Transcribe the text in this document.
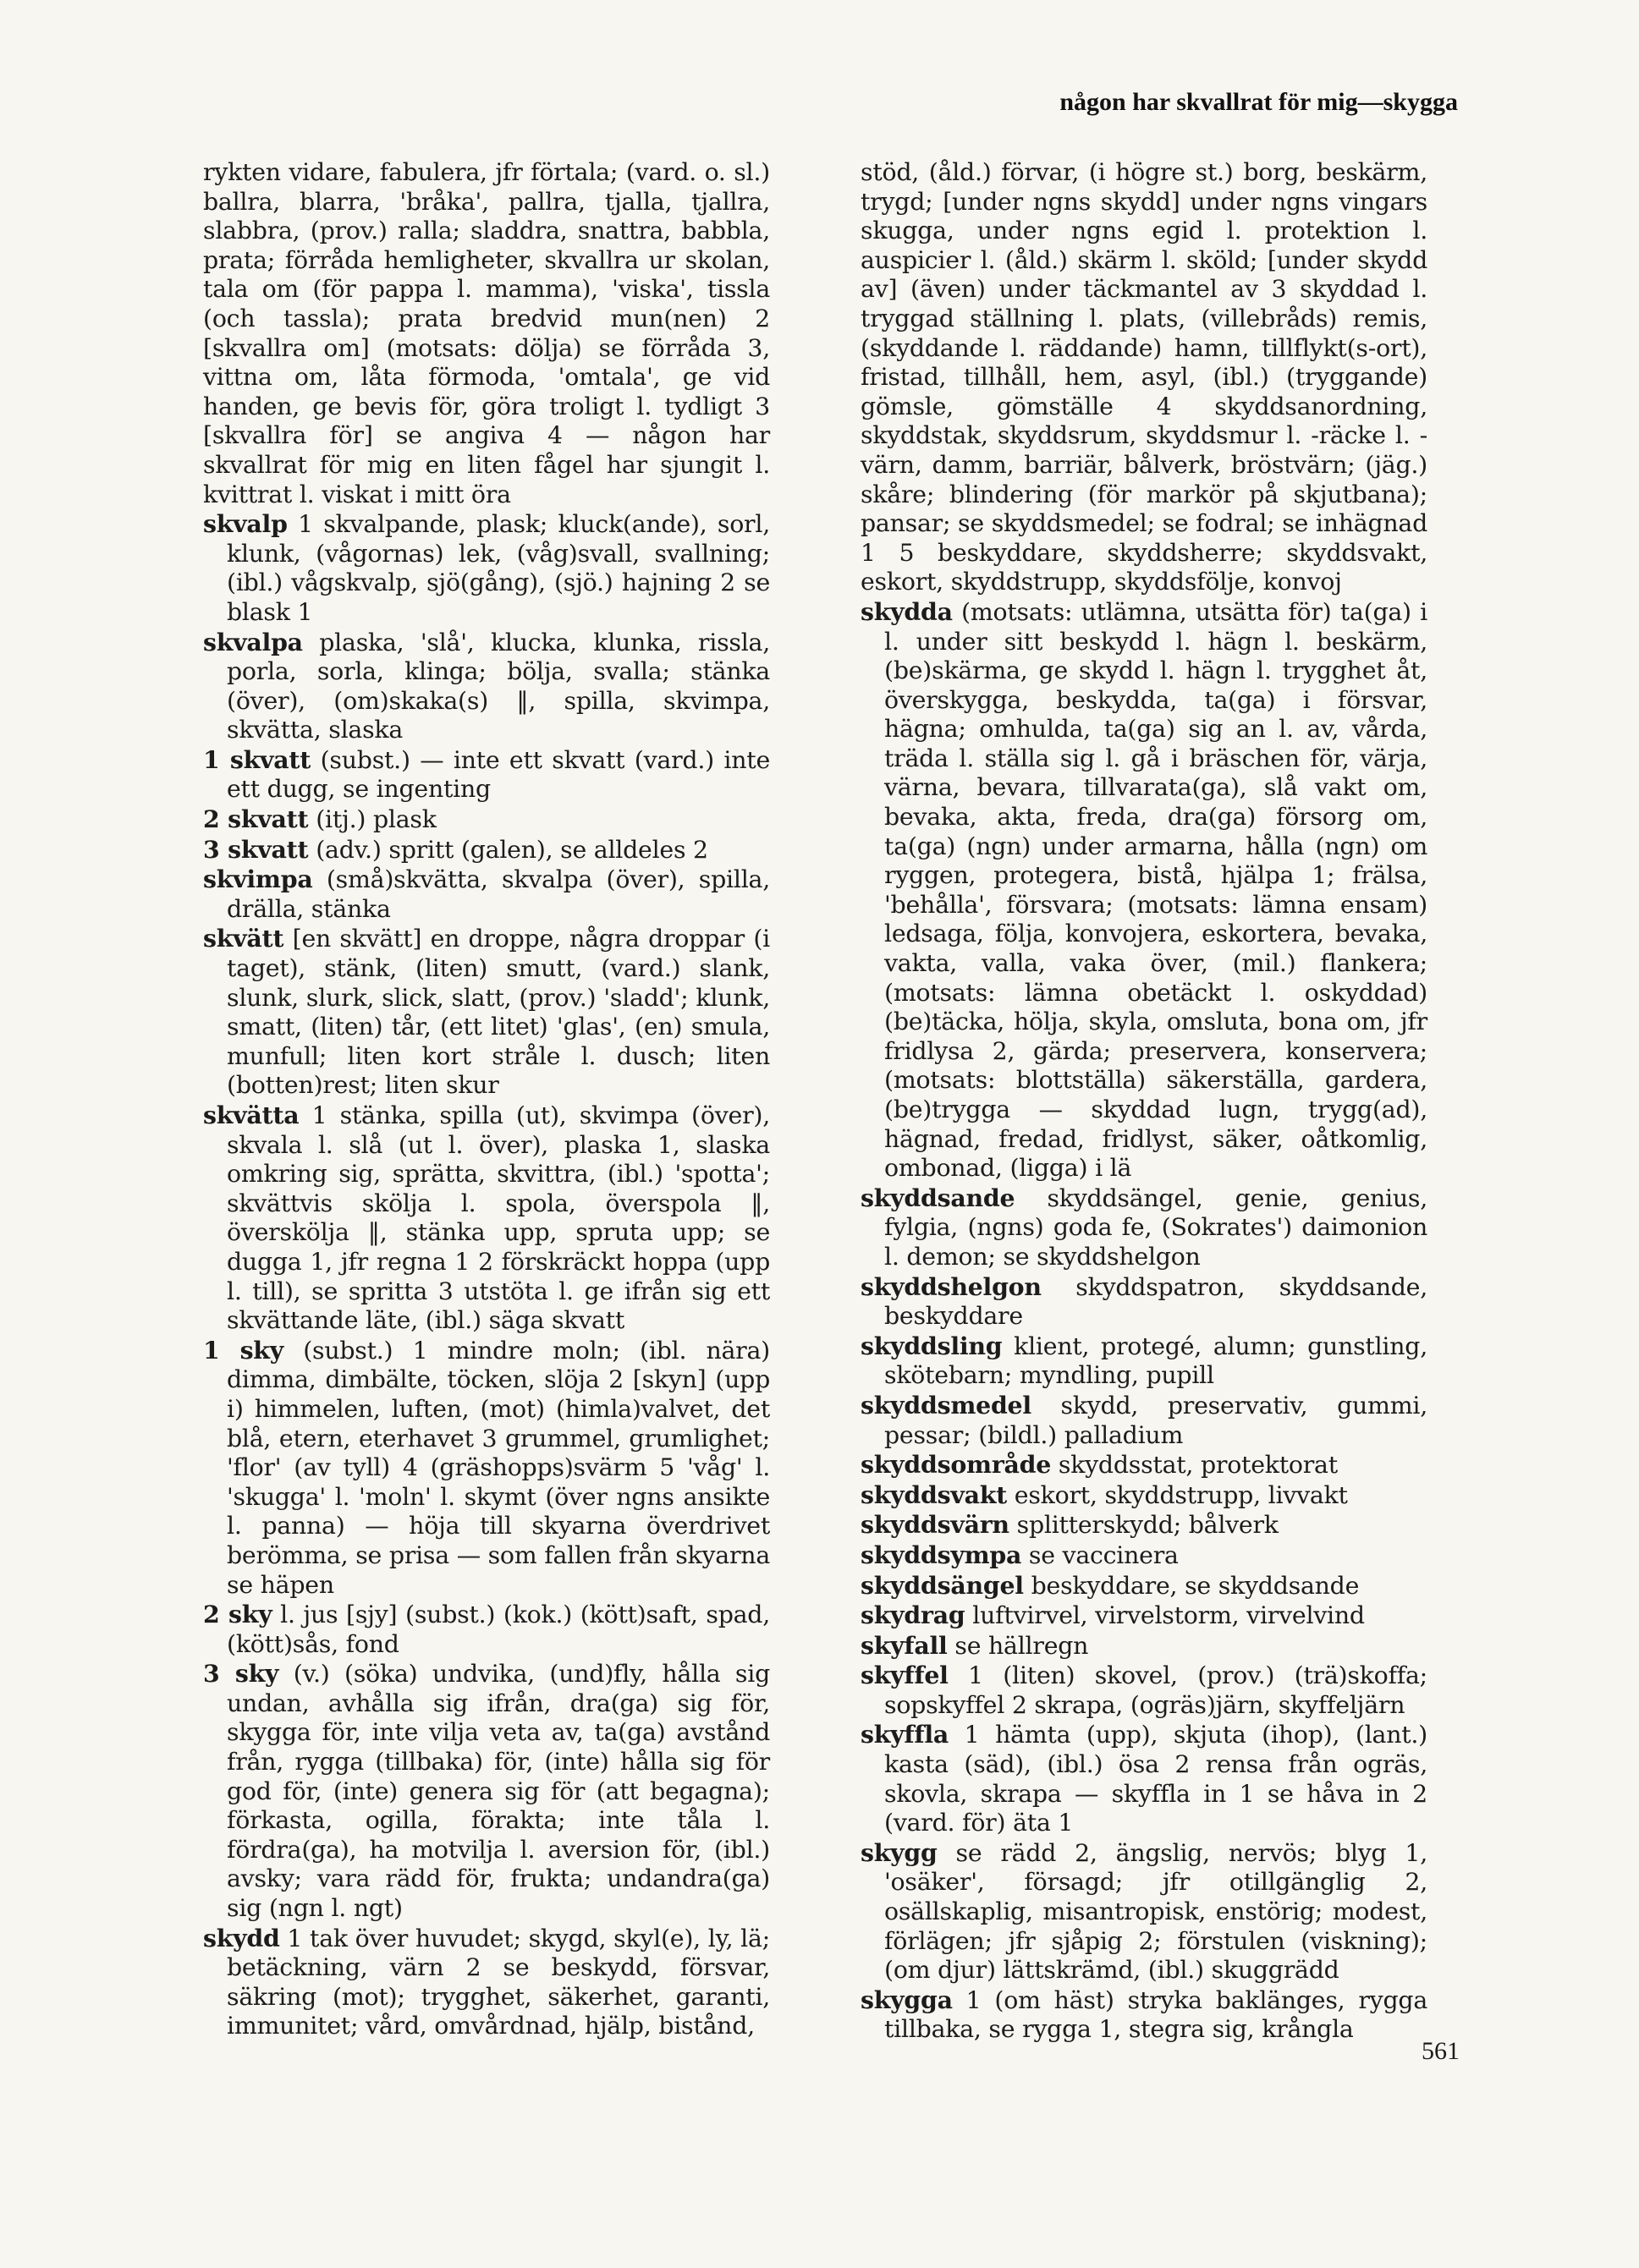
någon har skvallrat för mig—skygga

rykten vidare, fabulera, jfr förtala; (vard. o. sl.) ballra, blarra, 'bråka', pallra, tjalla, tjallra, slabbra, (prov.) ralla; sladdra, snattra, babbla, prata; förråda hemligheter, skvallra ur skolan, tala om (för pappa l. mamma), 'viska', tissla (och tassla); prata bredvid mun(nen) 2 [skvallra om] (motsats: dölja) se förråda 3, vittna om, låta förmoda, 'omtala', ge vid handen, ge bevis för, göra troligt l. tydligt 3 [skvallra för] se angiva 4 — någon har skvallrat för mig en liten fågel har sjungit l. kvittrat l. viskat i mitt öra

skvalp 1 skvalpande, plask; kluck(ande), sorl, klunk, (vågornas) lek, (våg)svall, svallning; (ibl.) vågskvalp, sjö(gång), (sjö.) hajning 2 se blask 1

skvalpa plaska, 'slå', klucka, klunka, rissla, porla, sorla, klinga; bölja, svalla; stänka (över), (om)skaka(s) ‖, spilla, skvimpa, skvätta, slaska

1 skvatt (subst.) — inte ett skvatt (vard.) inte ett dugg, se ingenting

2 skvatt (itj.) plask

3 skvatt (adv.) spritt (galen), se alldeles 2

skvimpa (små)skvätta, skvalpa (över), spilla, drälla, stänka

skvätt [en skvätt] en droppe, några droppar (i taget), stänk, (liten) smutt, (vard.) slank, slunk, slurk, slick, slatt, (prov.) 'sladd'; klunk, smatt, (liten) tår, (ett litet) 'glas', (en) smula, munfull; liten kort stråle l. dusch; liten (botten)rest; liten skur

skvätta 1 stänka, spilla (ut), skvimpa (över), skvala l. slå (ut l. över), plaska 1, slaska omkring sig, sprätta, skvittra, (ibl.) 'spotta'; skvättvis skölja l. spola, överspola ‖, överskölja ‖, stänka upp, spruta upp; se dugga 1, jfr regna 1 2 förskräckt hoppa (upp l. till), se spritta 3 utstöta l. ge ifrån sig ett skvättande läte, (ibl.) säga skvatt

1 sky (subst.) 1 mindre moln; (ibl. nära) dimma, dimbälte, töcken, slöja 2 [skyn] (upp i) himmelen, luften, (mot) (himla)valvet, det blå, etern, eterhavet 3 grummel, grumlighet; 'flor' (av tyll) 4 (gräshopps)svärm 5 'våg' l. 'skugga' l. 'moln' l. skymt (över ngns ansikte l. panna) — höja till skyarna överdrivet berömma, se prisa — som fallen från skyarna se häpen

2 sky l. jus [sjy] (subst.) (kok.) (kött)saft, spad, (kött)sås, fond

3 sky (v.) (söka) undvika, (und)fly, hålla sig undan, avhålla sig ifrån, dra(ga) sig för, skygga för, inte vilja veta av, ta(ga) avstånd från, rygga (tillbaka) för, (inte) hålla sig för god för, (inte) genera sig för (att begagna); förkasta, ogilla, förakta; inte tåla l. fördra(ga), ha motvilja l. aversion för, (ibl.) avsky; vara rädd för, frukta; undandra(ga) sig (ngn l. ngt)

skydd 1 tak över huvudet; skygd, skyl(e), ly, lä; betäckning, värn 2 se beskydd, försvar, säkring (mot); trygghet, säkerhet, garanti, immunitet; vård, omvårdnad, hjälp, bistånd,

stöd, (åld.) förvar, (i högre st.) borg, beskärm, trygd; [under ngns skydd] under ngns vingars skugga, under ngns egid l. protektion l. auspicier l. (åld.) skärm l. sköld; [under skydd av] (även) under täckmantel av 3 skyddad l. tryggad ställning l. plats, (villebråds) remis, (skyddande l. räddande) hamn, tillflykt(s-ort), fristad, tillhåll, hem, asyl, (ibl.) (tryggande) gömsle, gömställe 4 skyddsanordning, skyddstak, skyddsrum, skyddsmur l. -räcke l. -värn, damm, barriär, bålverk, bröstvärn; (jäg.) skåre; blindering (för markör på skjutbana); pansar; se skyddsmedel; se fodral; se inhägnad 1 5 beskyddare, skyddsherre; skyddsvakt, eskort, skyddstrupp, skyddsfölje, konvoj

skydda (motsats: utlämna, utsätta för) ta(ga) i l. under sitt beskydd l. hägn l. beskärm, (be)skärma, ge skydd l. hägn l. trygghet åt, överskygga, beskydda, ta(ga) i försvar, hägna; omhulda, ta(ga) sig an l. av, vårda, träda l. ställa sig l. gå i bräschen för, värja, värna, bevara, tillvarata(ga), slå vakt om, bevaka, akta, freda, dra(ga) försorg om, ta(ga) (ngn) under armarna, hålla (ngn) om ryggen, protegera, bistå, hjälpa 1; frälsa, 'behålla', försvara; (motsats: lämna ensam) ledsaga, följa, konvojera, eskortera, bevaka, vakta, valla, vaka över, (mil.) flankera; (motsats: lämna obetäckt l. oskyddad) (be)täcka, hölja, skyla, omsluta, bona om, jfr fridlysa 2, gärda; preservera, konservera; (motsats: blottställa) säkerställa, gardera, (be)trygga — skyddad lugn, trygg(ad), hägnad, fredad, fridlyst, säker, oåtkomlig, ombonad, (ligga) i lä

skyddsande skyddsängel, genie, genius, fylgia, (ngns) goda fe, (Sokrates') daimonion l. demon; se skyddshelgon

skyddshelgon skyddspatron, skyddsande, beskyddare

skyddsling klient, protegé, alumn; gunstling, skötebarn; myndling, pupill

skyddsmedel skydd, preservativ, gummi, pessar; (bildl.) palladium

skyddsområde skyddsstat, protektorat

skyddsvakt eskort, skyddstrupp, livvakt

skyddsvärn splitterskydd; bålverk

skyddsympa se vaccinera

skyddsängel beskyddare, se skyddsande

skydrag luftvirvel, virvelstorm, virvelvind

skyfall se hällregn

skyffel 1 (liten) skovel, (prov.) (trä)skoffa; sopskyffel 2 skrapa, (ogräs)järn, skyffeljärn

skyffla 1 hämta (upp), skjuta (ihop), (lant.) kasta (säd), (ibl.) ösa 2 rensa från ogräs, skovla, skrapa — skyffla in 1 se håva in 2 (vard. för) äta 1

skygg se rädd 2, ängslig, nervös; blyg 1, 'osäker', försagd; jfr otillgänglig 2, osällskaplig, misantropisk, enstörig; modest, förlägen; jfr sjåpig 2; förstulen (viskning); (om djur) lättskrämd, (ibl.) skuggrädd

skygga 1 (om häst) stryka baklänges, rygga tillbaka, se rygga 1, stegra sig, krångla

561
